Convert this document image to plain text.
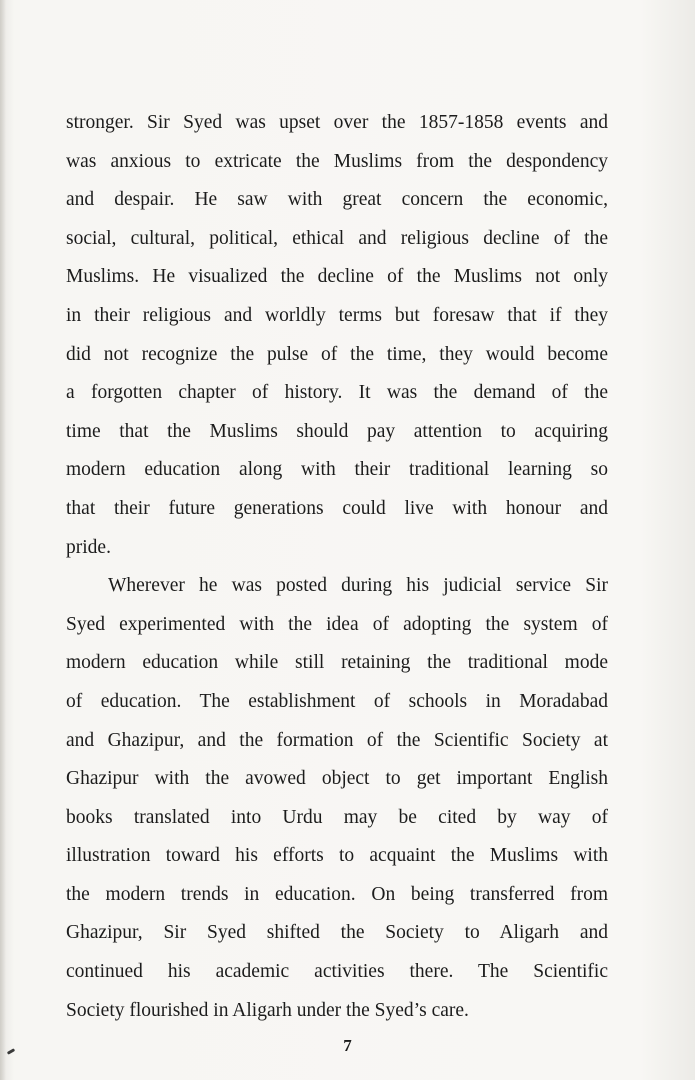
stronger. Sir Syed was upset over the 1857-1858 events and
was anxious to extricate the Muslims from the despondency
and despair. He saw with great concern the economic,
social, cultural, political, ethical and religious decline of the
Muslims. He visualized the decline of the Muslims not only
in their religious and worldly terms but foresaw that if they
did not recognize the pulse of the time, they would become
a forgotten chapter of history. It was the demand of the
time that the Muslims should pay attention to acquiring
modern education along with their traditional learning so
that their future generations could live with honour and
pride.
Wherever he was posted during his judicial service Sir
Syed experimented with the idea of adopting the system of
modern education while still retaining the traditional mode
of education. The establishment of schools in Moradabad
and Ghazipur, and the formation of the Scientific Society at
Ghazipur with the avowed object to get important English
books translated into Urdu may be cited by way of
illustration toward his efforts to acquaint the Muslims with
the modern trends in education. On being transferred from
Ghazipur, Sir Syed shifted the Society to Aligarh and
continued his academic activities there. The Scientific
Society flourished in Aligarh under the Syed’s care.
7
